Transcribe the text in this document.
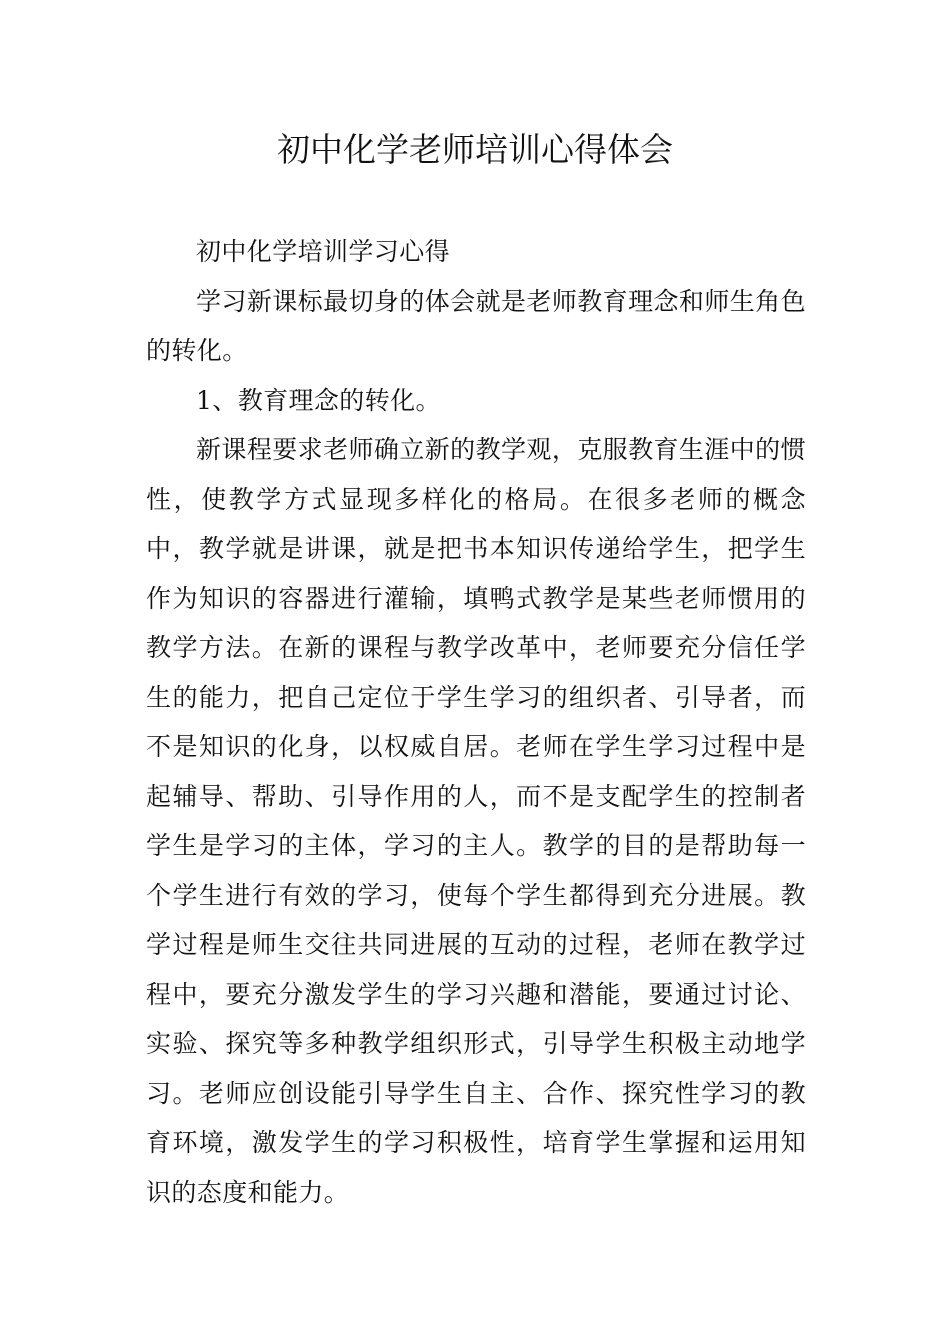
初中化学老师培训心得体会

初中化学培训学习心得

学习新课标最切身的体会就是老师教育理念和师生角色的转化。

1、教育理念的转化。

新课程要求老师确立新的教学观，克服教育生涯中的惯性，使教学方式显现多样化的格局。在很多老师的概念中，教学就是讲课，就是把书本知识传递给学生，把学生作为知识的容器进行灌输，填鸭式教学是某些老师惯用的教学方法。在新的课程与教学改革中，老师要充分信任学生的能力，把自己定位于学生学习的组织者、引导者，而不是知识的化身，以权威自居。老师在学生学习过程中是起辅导、帮助、引导作用的人，而不是支配学生的控制者学生是学习的主体，学习的主人。教学的目的是帮助每一个学生进行有效的学习，使每个学生都得到充分进展。教学过程是师生交往共同进展的互动的过程，老师在教学过程中，要充分激发学生的学习兴趣和潜能，要通过讨论、实验、探究等多种教学组织形式，引导学生积极主动地学习。老师应创设能引导学生自主、合作、探究性学习的教育环境，激发学生的学习积极性，培育学生掌握和运用知识的态度和能力。
